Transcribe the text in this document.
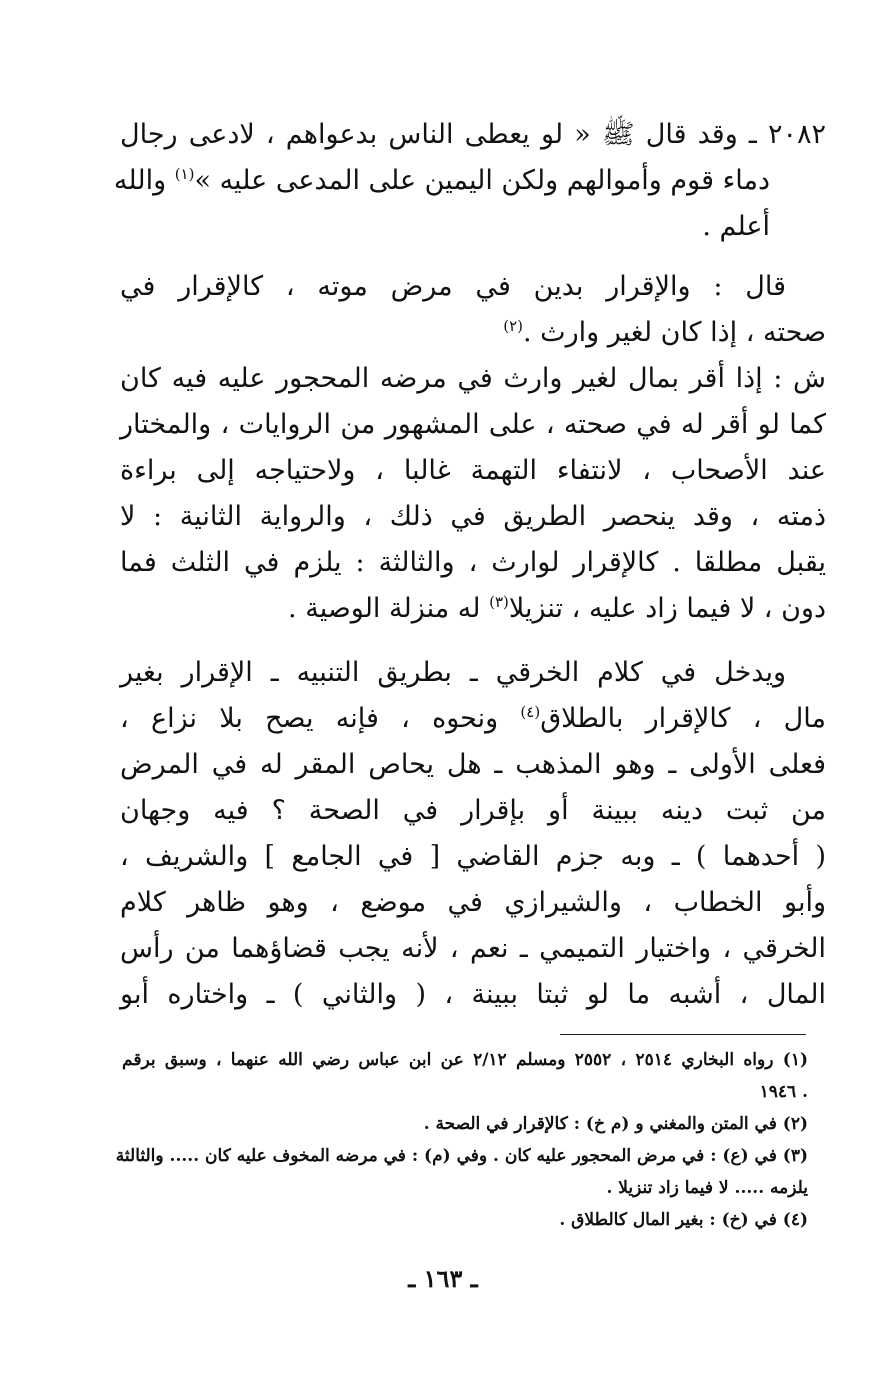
٢٠٨٢ ـ وقد قال ﷺ « لو يعطى الناس بدعواهم ، لادعى رجال
دماء قوم وأموالهم ولكن اليمين على المدعى عليه »$^{(١)}$ والله
أعلم .
قال : والإقرار بدين في مرض موته ، كالإقرار في
صحته ، إذا كان لغير وارث .$^{(٢)}$
ش : إذا أقر بمال لغير وارث في مرضه المحجور عليه فيه كان
كما لو أقر له في صحته ، على المشهور من الروايات ، والمختار
عند الأصحاب ، لانتفاء التهمة غالبا ، ولاحتياجه إلى براءة
ذمته ، وقد ينحصر الطريق في ذلك ، والرواية الثانية : لا
يقبل مطلقا . كالإقرار لوارث ، والثالثة : يلزم في الثلث فما
دون ، لا فيما زاد عليه ، تنزيلا$^{(٣)}$ له منزلة الوصية .
ويدخل في كلام الخرقي ـ بطريق التنبيه ـ الإقرار بغير
مال ، كالإقرار بالطلاق$^{(٤)}$ ونحوه ، فإنه يصح بلا نزاع ،
فعلى الأولى ـ وهو المذهب ـ هل يحاص المقر له في المرض
من ثبت دينه ببينة أو بإقرار في الصحة ؟ فيه وجهان
( أحدهما ) ـ وبه جزم القاضي [ في الجامع ] والشريف ،
وأبو الخطاب ، والشيرازي في موضع ، وهو ظاهر كلام
الخرقي ، واختيار التميمي ـ نعم ، لأنه يجب قضاؤهما من رأس
المال ، أشبه ما لو ثبتا ببينة ، ( والثاني ) ـ واختاره أبو
(١) رواه البخاري ٢٥١٤ ، ٢٥٥٢ ومسلم ٢/١٢ عن ابن عباس رضي الله عنهما ، وسبق برقم
. ١٩٤٦
(٢) في المتن والمغني و (م خ) : كالإقرار في الصحة .
(٣) في (ع) : في مرض المحجور عليه كان . وفي (م) : في مرضه المخوف عليه كان ..... والثالثة
يلزمه ..... لا فيما زاد تنزيلا .
(٤) في (خ) : بغير المال كالطلاق .
ـ ١٦٣ ـ
